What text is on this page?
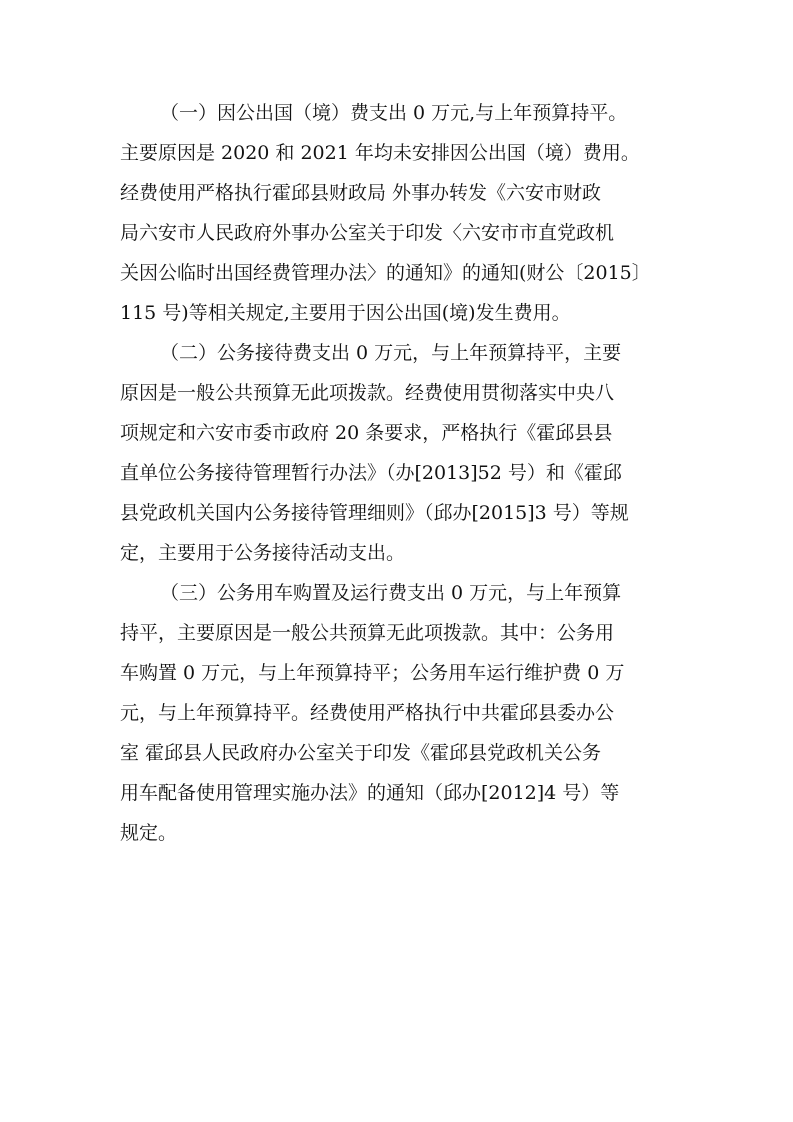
（一）因公出国（境）费支出 0 万元,与上年预算持平。
主要原因是 2020 和 2021 年均未安排因公出国（境）费用。
经费使用严格执行霍邱县财政局 外事办转发《六安市财政
局六安市人民政府外事办公室关于印发〈六安市市直党政机
关因公临时出国经费管理办法〉的通知》的通知(财公〔2015〕
115 号)等相关规定,主要用于因公出国(境)发生费用。
（二）公务接待费支出 0 万元，与上年预算持平，主要
原因是一般公共预算无此项拨款。经费使用贯彻落实中央八
项规定和六安市委市政府 20 条要求，严格执行《霍邱县县
直单位公务接待管理暂行办法》（办[2013]52 号）和《霍邱
县党政机关国内公务接待管理细则》（邱办[2015]3 号）等规
定，主要用于公务接待活动支出。
（三）公务用车购置及运行费支出 0 万元，与上年预算
持平，主要原因是一般公共预算无此项拨款。其中：公务用
车购置 0 万元，与上年预算持平；公务用车运行维护费 0 万
元，与上年预算持平。经费使用严格执行中共霍邱县委办公
室 霍邱县人民政府办公室关于印发《霍邱县党政机关公务
用车配备使用管理实施办法》的通知（邱办[2012]4 号）等
规定。
